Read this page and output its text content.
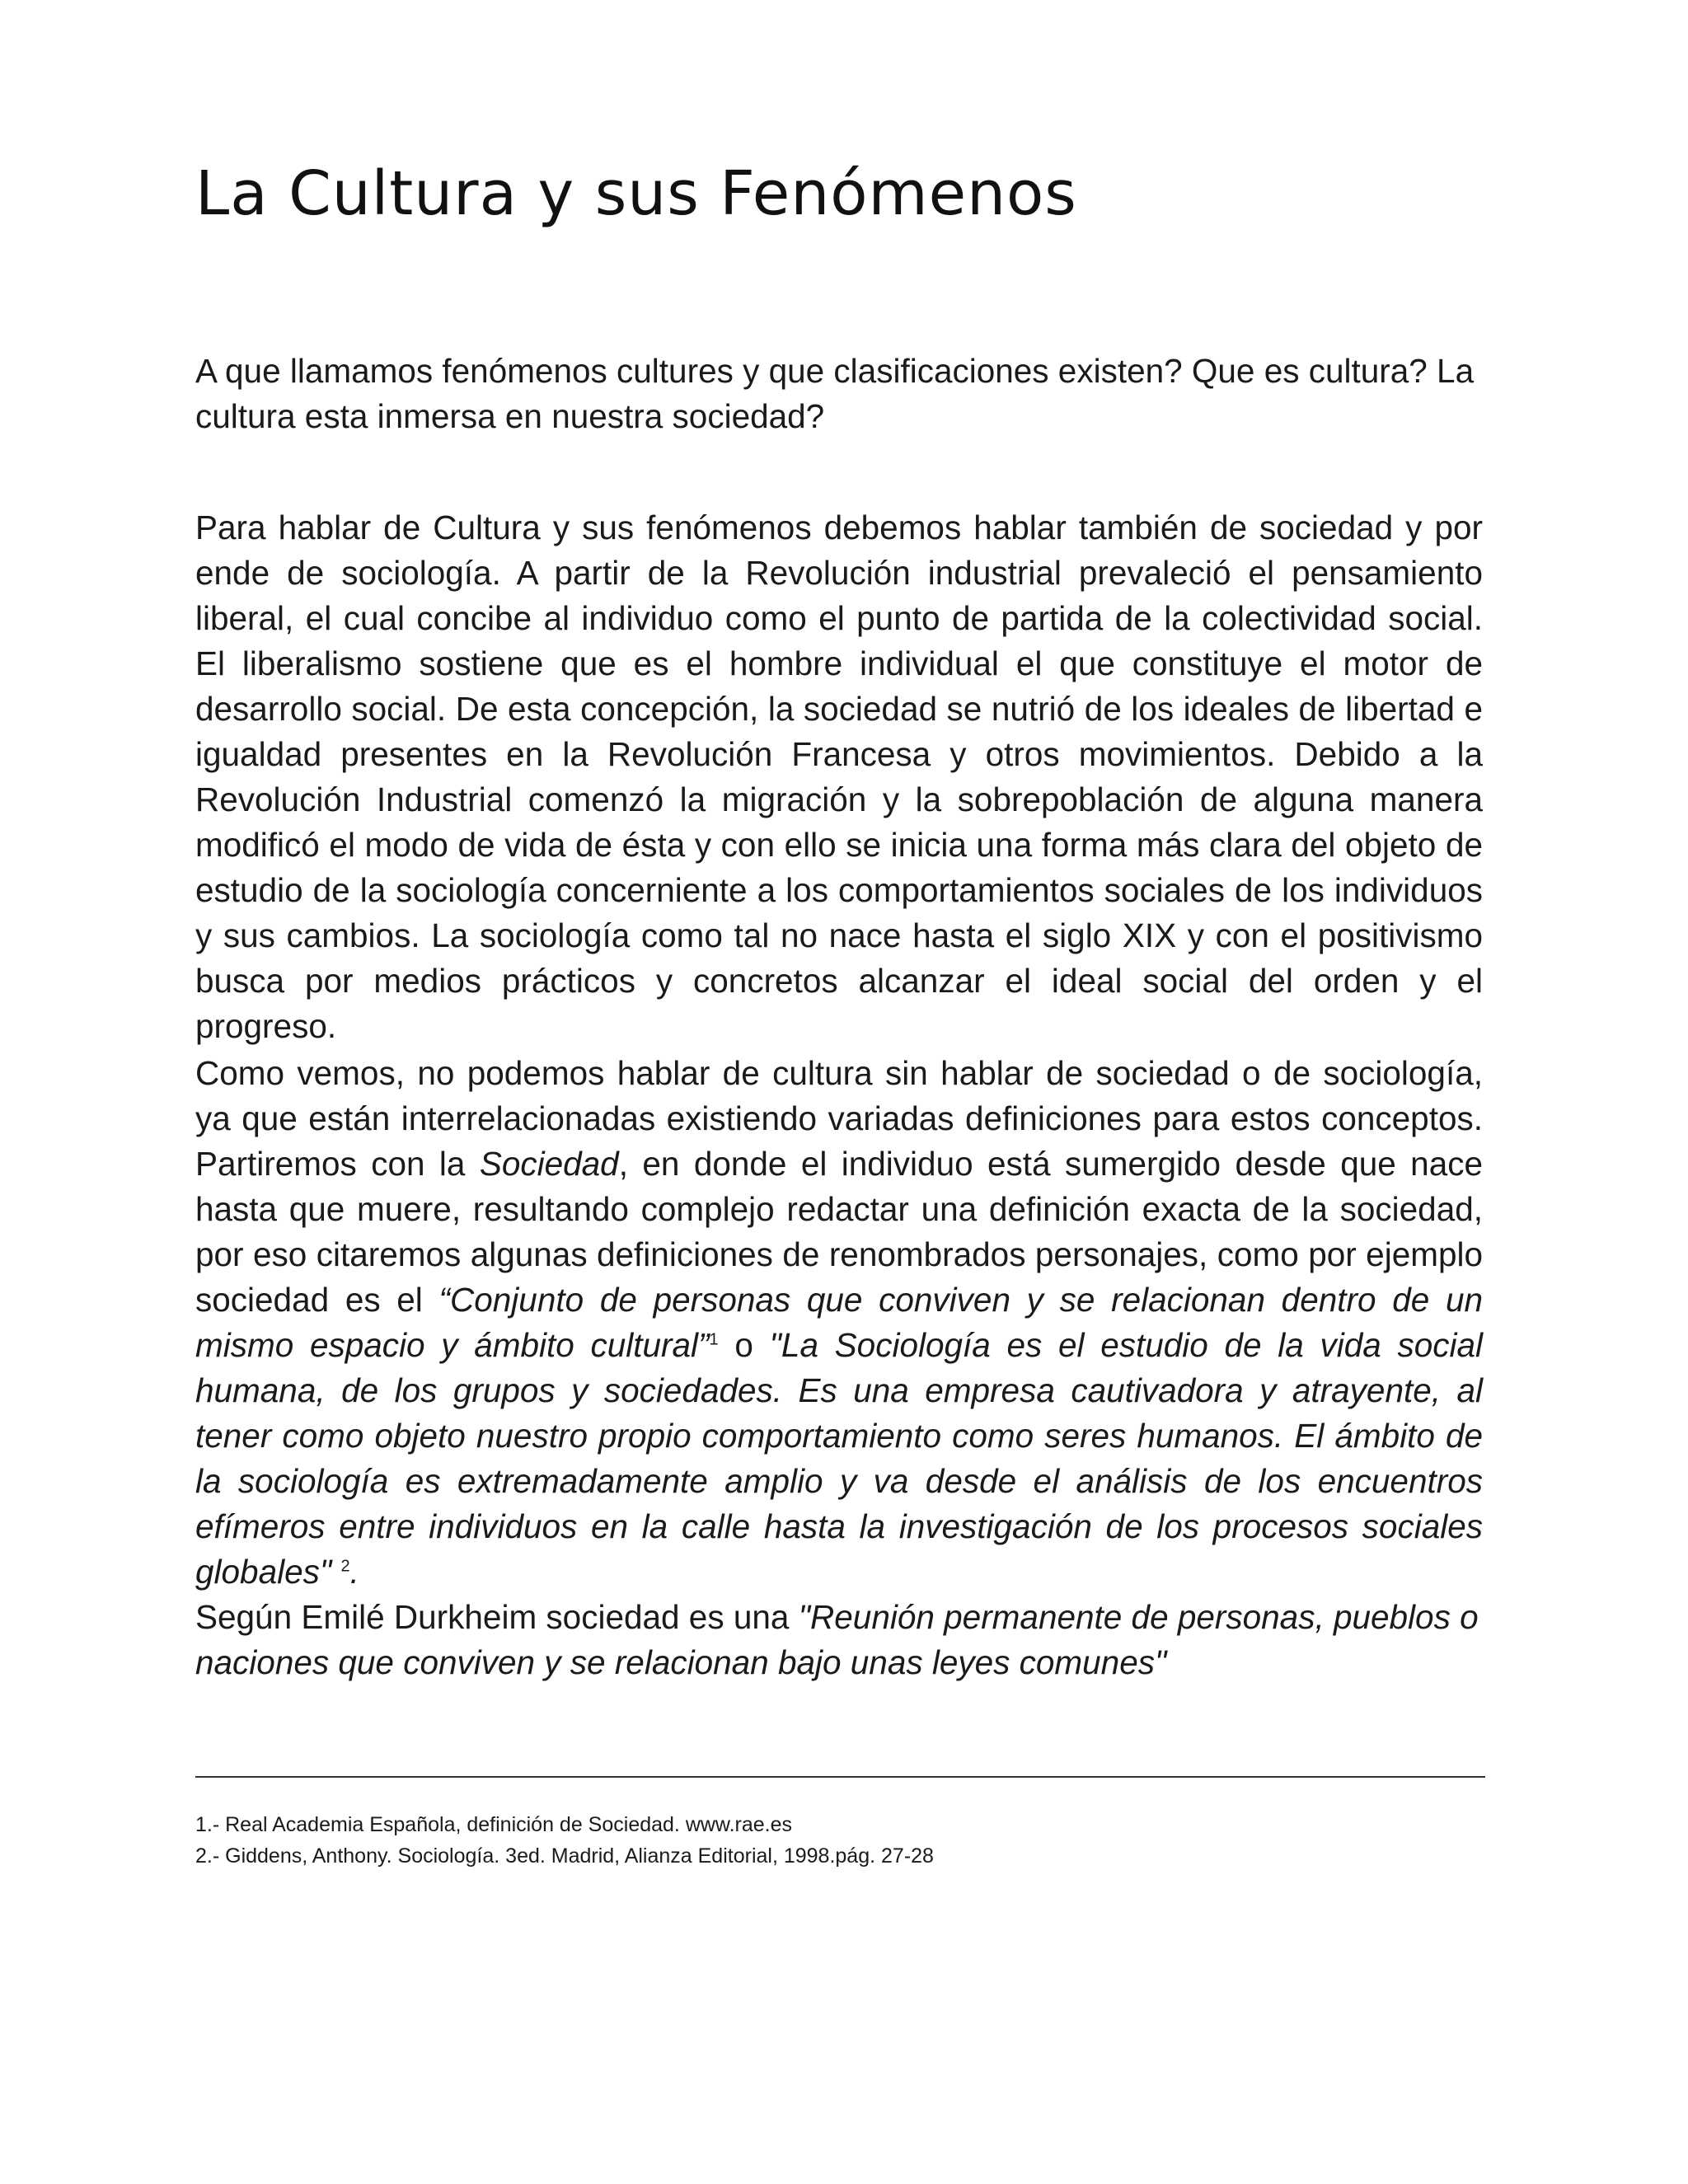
La Cultura y sus Fenómenos

A que llamamos fenómenos cultures y que clasificaciones existen? Que es cultura? La cultura esta inmersa en nuestra sociedad?

Para hablar de Cultura y sus fenómenos debemos hablar también de sociedad y por ende de sociología. A partir de la Revolución industrial prevaleció el pensamiento liberal, el cual concibe al individuo como el punto de partida de la colectividad social. El liberalismo sostiene que es el hombre individual el que constituye el motor de desarrollo social. De esta concepción, la sociedad se nutrió de los ideales de libertad e igualdad presentes en la Revolución Francesa y otros movimientos. Debido a la Revolución Industrial comenzó la migración y la sobrepoblación de alguna manera modificó el modo de vida de ésta y con ello se inicia una forma más clara del objeto de estudio de la sociología concerniente a los comportamientos sociales de los individuos y sus cambios. La sociología como tal no nace hasta el siglo XIX y con el positivismo busca por medios prácticos y concretos alcanzar el ideal social del orden y el progreso.

Como vemos, no podemos hablar de cultura sin hablar de sociedad o de sociología, ya que están interrelacionadas existiendo variadas definiciones para estos conceptos. Partiremos con la Sociedad, en donde el individuo está sumergido desde que nace hasta que muere, resultando complejo redactar una definición exacta de la sociedad, por eso citaremos algunas definiciones de renombrados personajes, como por ejemplo sociedad es el “Conjunto de personas que conviven y se relacionan dentro de un mismo espacio y ámbito cultural”$^1$ o "La Sociología es el estudio de la vida social humana, de los grupos y sociedades. Es una empresa cautivadora y atrayente, al tener como objeto nuestro propio comportamiento como seres humanos. El ámbito de la sociología es extremadamente amplio y va desde el análisis de los encuentros efímeros entre individuos en la calle hasta la investigación de los procesos sociales globales" $^2$.

Según Emilé Durkheim sociedad es una "Reunión permanente de personas, pueblos o naciones que conviven y se relacionan bajo unas leyes comunes"

1.- Real Academia Española, definición de Sociedad. www.rae.es

2.- Giddens, Anthony. Sociología. 3ed. Madrid, Alianza Editorial, 1998.pág. 27-28
